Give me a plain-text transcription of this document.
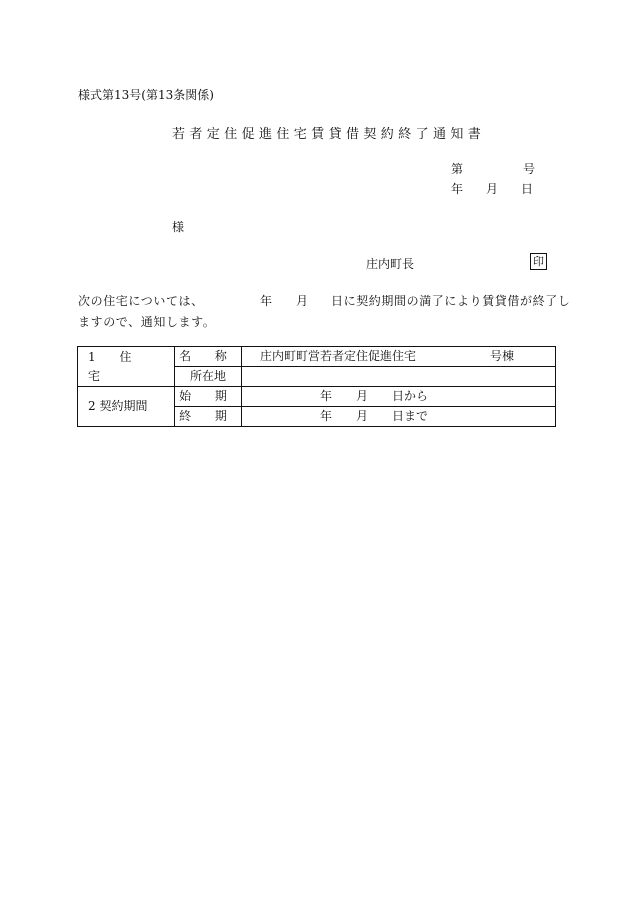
様式第13号(第13条関係)
若者定住促進住宅賃貸借契約終了通知書
第	号
年 月 日
様
庄内町長	印
次の住宅については、	年 月 日に契約期間の満了により賃貸借が終了し
ますので、通知します。
1 住 宅	名 称	庄内町町営若者定住促進住宅 号棟

	所在地	
2 契約期間	始 期	年 月 日から

	終 期	年 月 日まで
